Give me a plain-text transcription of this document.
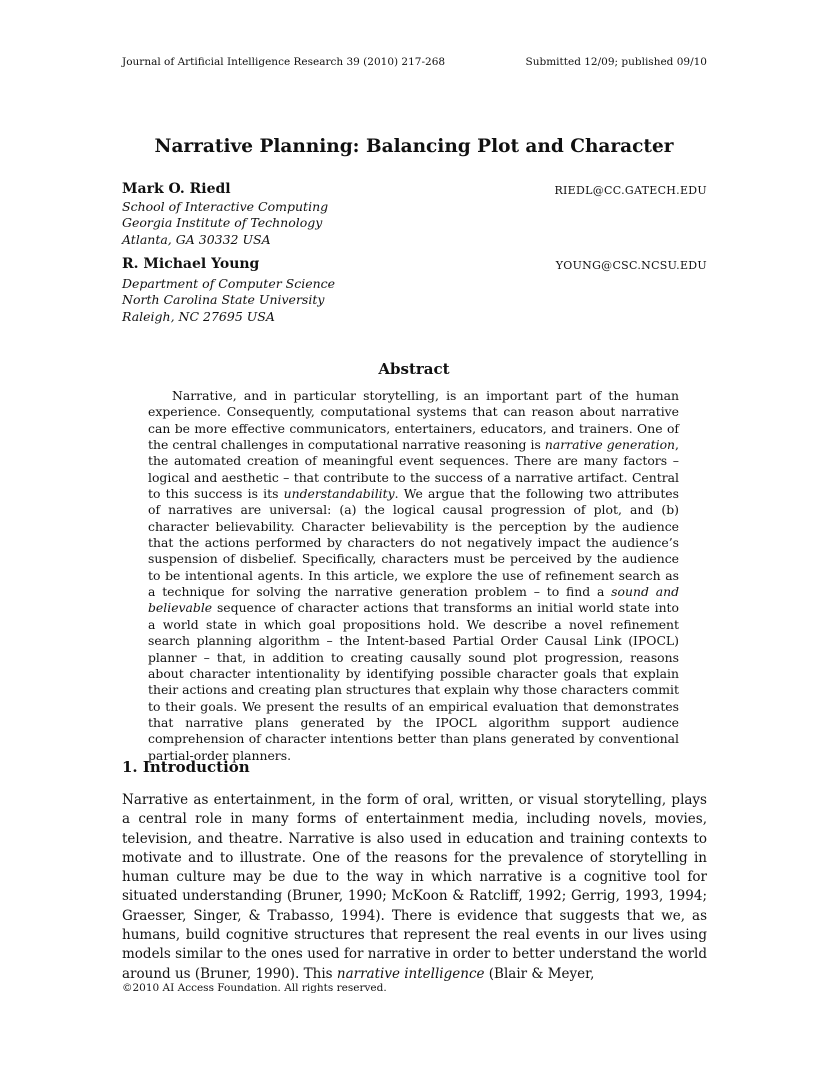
Journal of Artificial Intelligence Research 39 (2010) 217-268	Submitted 12/09; published 09/10
Narrative Planning: Balancing Plot and Character
Mark O. Riedl	RIEDL@CC.GATECH.EDU
School of Interactive Computing
Georgia Institute of Technology
Atlanta, GA 30332 USA
R. Michael Young	YOUNG@CSC.NCSU.EDU
Department of Computer Science
North Carolina State University
Raleigh, NC 27695 USA
Abstract

Narrative, and in particular storytelling, is an important part of the human experience. Consequently, computational systems that can reason about narrative can be more effective communicators, entertainers, educators, and trainers. One of the central challenges in computational narrative reasoning is narrative generation, the automated creation of meaningful event sequences. There are many factors – logical and aesthetic – that contribute to the success of a narrative artifact. Central to this success is its understandability. We argue that the following two attributes of narratives are universal: (a) the logical causal progression of plot, and (b) character believability. Character believability is the perception by the audience that the actions performed by characters do not negatively impact the audience’s suspension of disbelief. Specifically, characters must be perceived by the audience to be intentional agents. In this article, we explore the use of refinement search as a technique for solving the narrative generation problem – to find a sound and believable sequence of character actions that transforms an initial world state into a world state in which goal propositions hold. We describe a novel refinement search planning algorithm – the Intent-based Partial Order Causal Link (IPOCL) planner – that, in addition to creating causally sound plot progression, reasons about character intentionality by identifying possible character goals that explain their actions and creating plan structures that explain why those characters commit to their goals. We present the results of an empirical evaluation that demonstrates that narrative plans generated by the IPOCL algorithm support audience comprehension of character intentions better than plans generated by conventional partial-order planners.

1. Introduction

Narrative as entertainment, in the form of oral, written, or visual storytelling, plays a central role in many forms of entertainment media, including novels, movies, television, and theatre. Narrative is also used in education and training contexts to motivate and to illustrate. One of the reasons for the prevalence of storytelling in human culture may be due to the way in which narrative is a cognitive tool for situated understanding (Bruner, 1990; McKoon & Ratcliff, 1992; Gerrig, 1993, 1994; Graesser, Singer, & Trabasso, 1994). There is evidence that suggests that we, as humans, build cognitive structures that represent the real events in our lives using models similar to the ones used for narrative in order to better understand the world around us (Bruner, 1990). This narrative intelligence (Blair & Meyer,

©2010 AI Access Foundation. All rights reserved.
